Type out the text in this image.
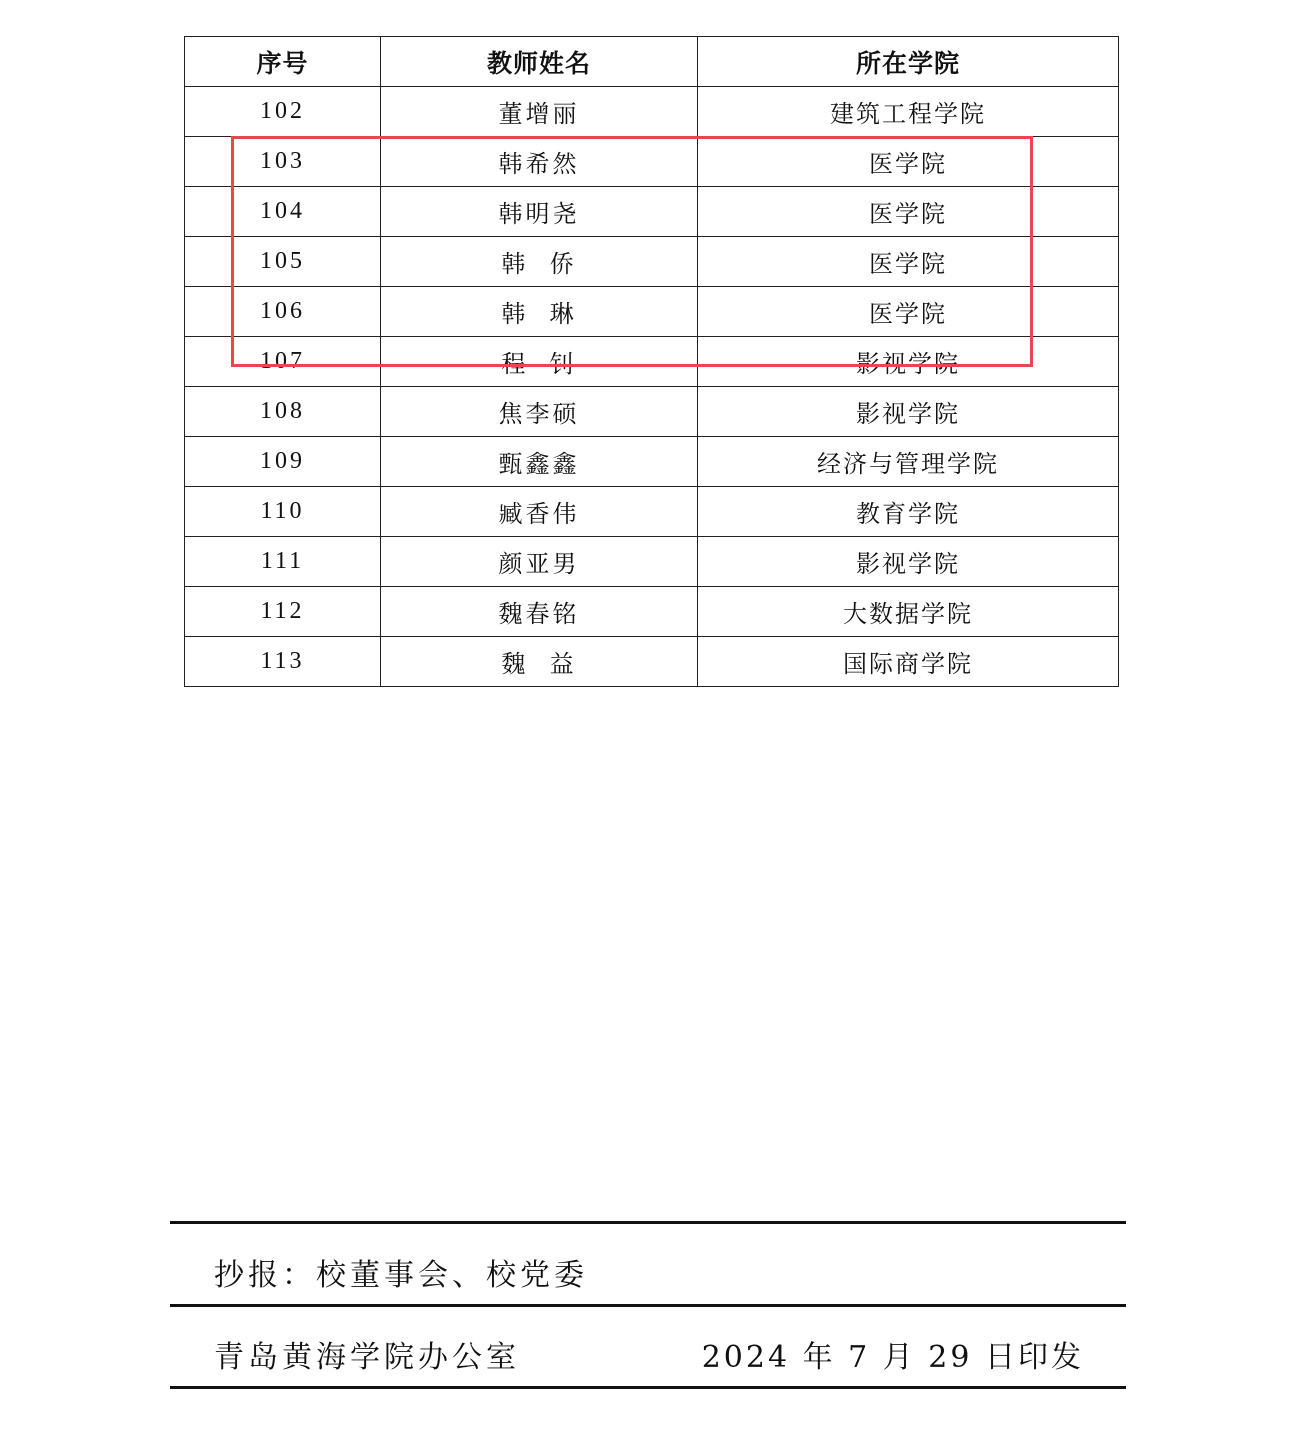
序号	教师姓名	所在学院
102	董增丽	建筑工程学院
103	韩希然	医学院
104	韩明尧	医学院
105	韩  侨	医学院
106	韩  琳	医学院
107	程  钊	影视学院
108	焦李硕	影视学院
109	甄鑫鑫	经济与管理学院
110	臧香伟	教育学院
111	颜亚男	影视学院
112	魏春铭	大数据学院
113	魏  益	国际商学院
抄报：校董事会、校党委
青岛黄海学院办公室	2024 年 7 月 29 日印发
